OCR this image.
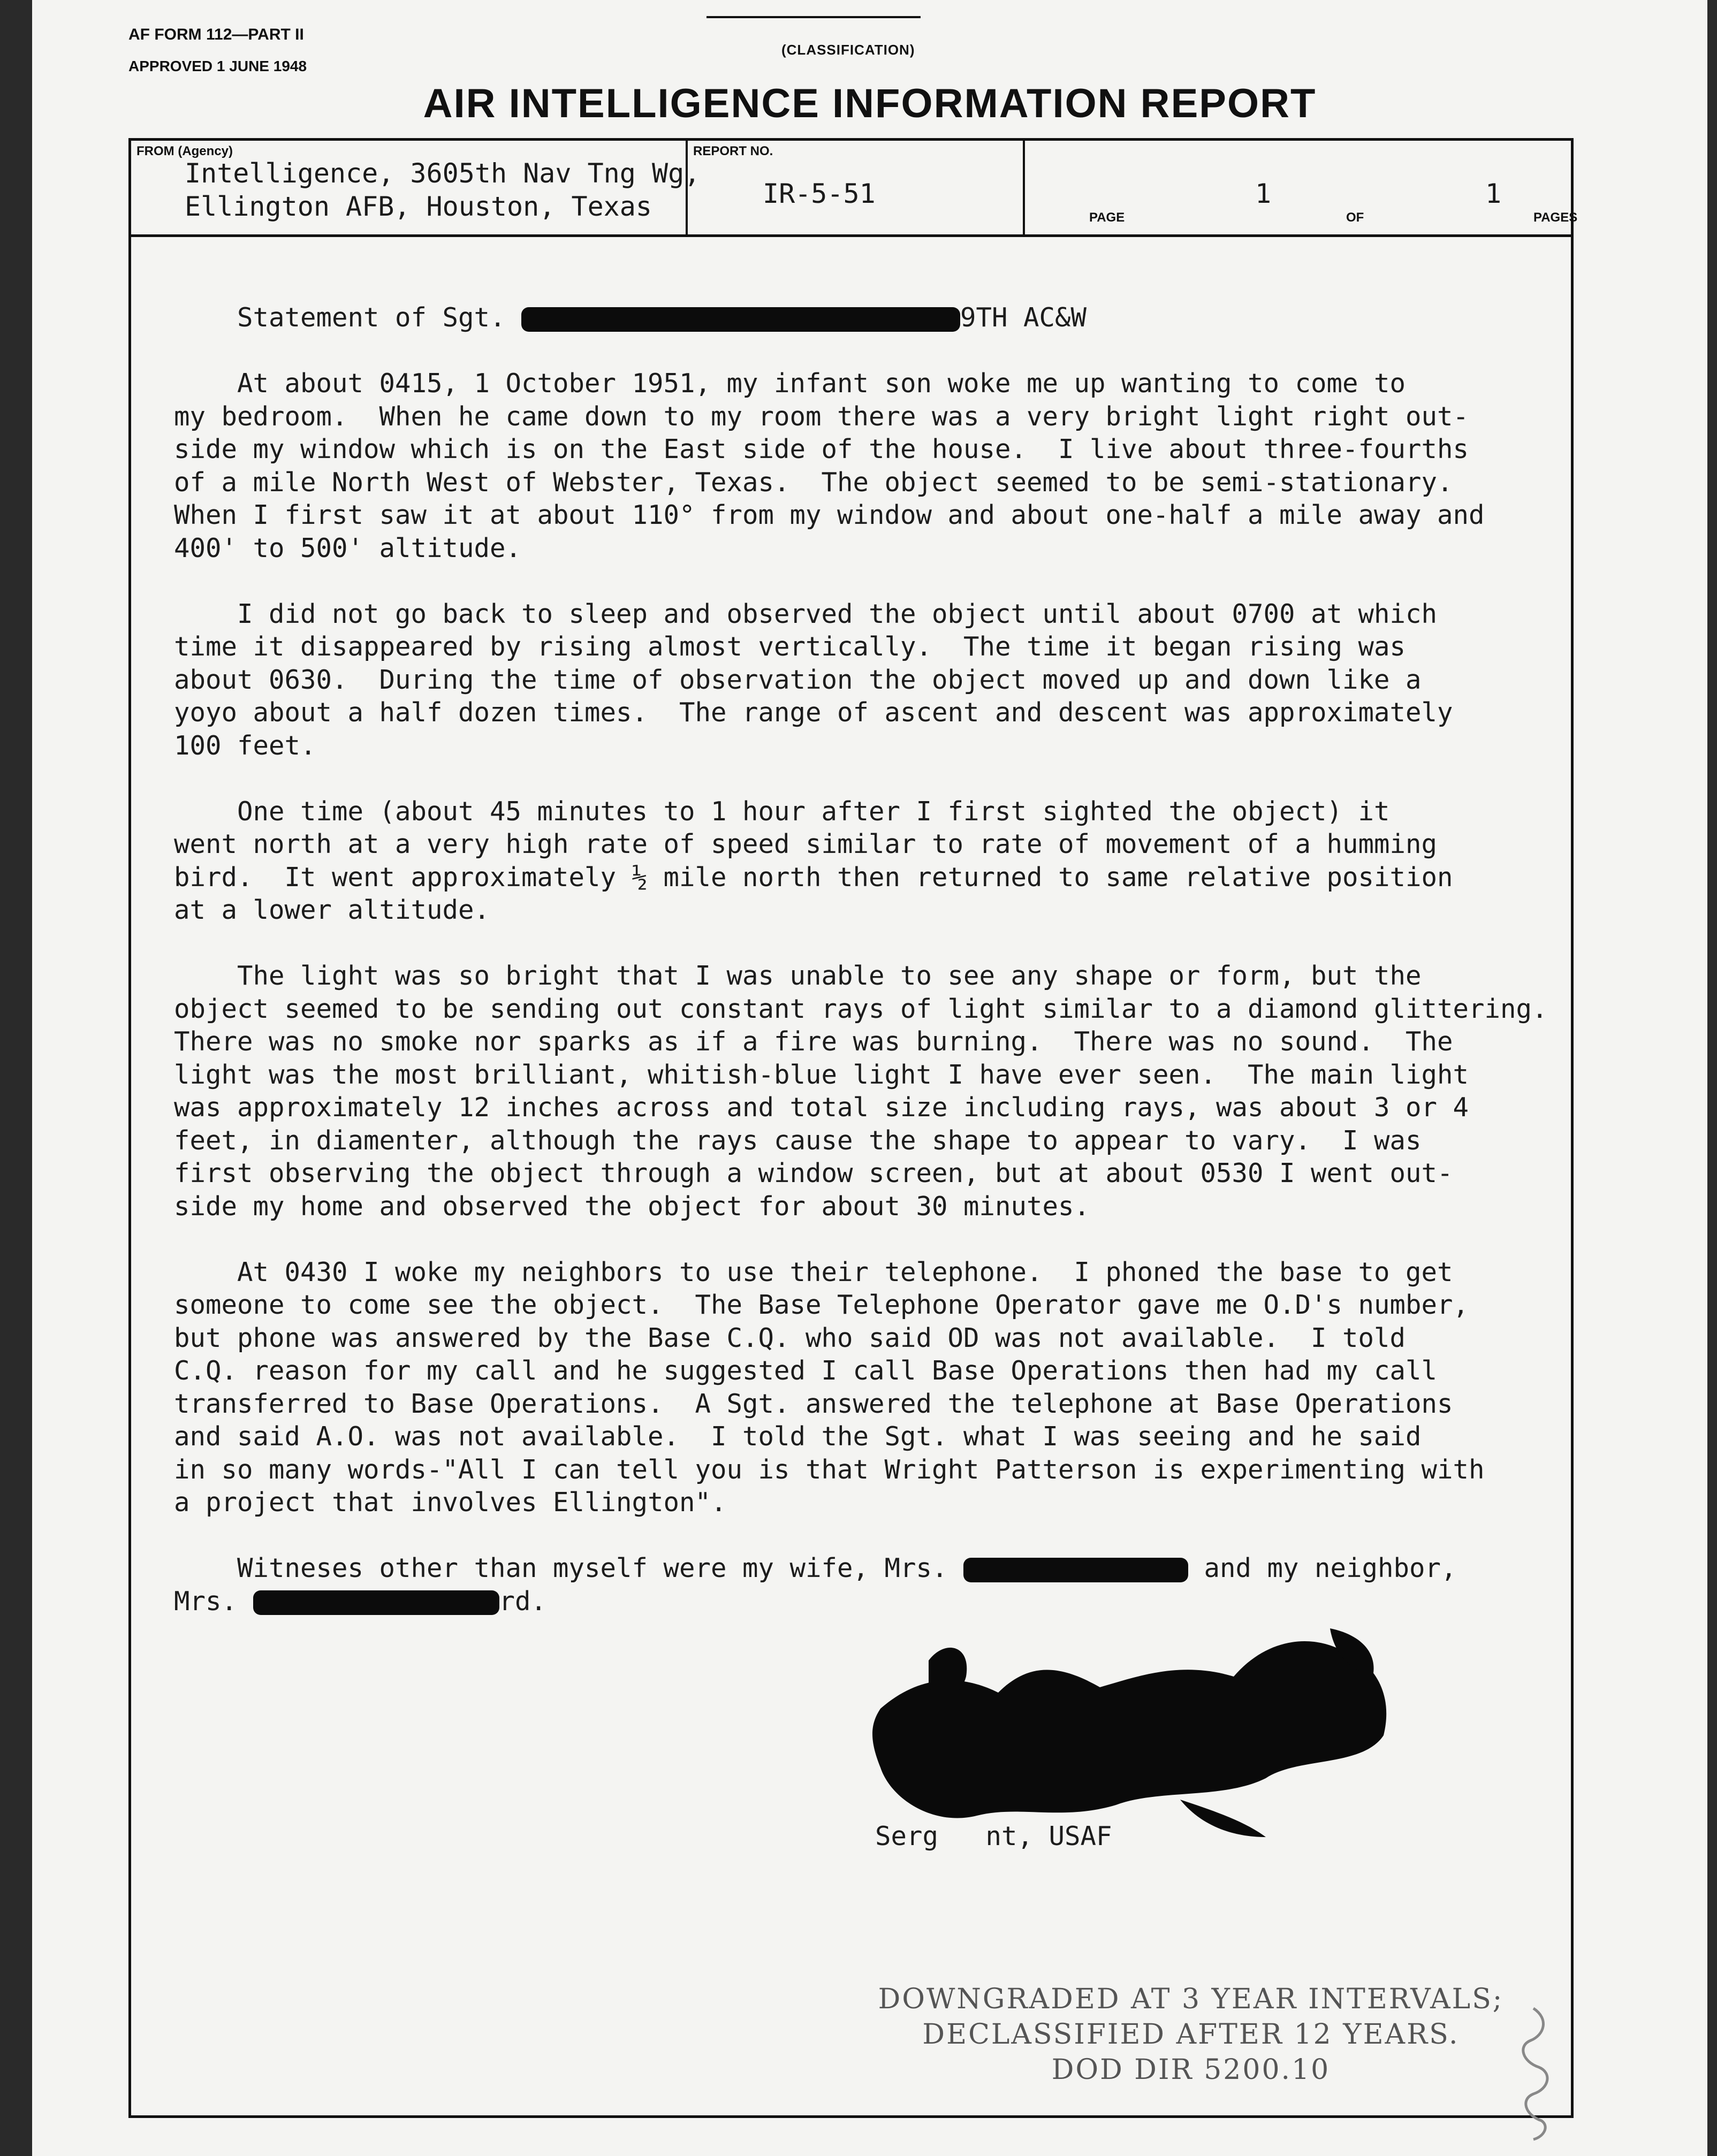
AF FORM 112—PART II
APPROVED 1 JUNE 1948
(CLASSIFICATION)
AIR INTELLIGENCE INFORMATION REPORT
FROM (Agency)
Intelligence, 3605th Nav Tng Wg,
Ellington AFB, Houston, Texas
REPORT NO.
IR-5-51
PAGE
1
OF
1
PAGES
Statement of Sgt.	9TH AC&W
At about 0415, 1 October 1951, my infant son woke me up wanting to come to
my bedroom.  When he came down to my room there was a very bright light right out-
side my window which is on the East side of the house.  I live about three-fourths
of a mile North West of Webster, Texas.  The object seemed to be semi-stationary.
When I first saw it at about 110° from my window and about one-half a mile away and
400' to 500' altitude.
I did not go back to sleep and observed the object until about 0700 at which
time it disappeared by rising almost vertically.  The time it began rising was
about 0630.  During the time of observation the object moved up and down like a
yoyo about a half dozen times.  The range of ascent and descent was approximately
100 feet.
One time (about 45 minutes to 1 hour after I first sighted the object) it
went north at a very high rate of speed similar to rate of movement of a humming
bird.  It went approximately ½ mile north then returned to same relative position
at a lower altitude.
The light was so bright that I was unable to see any shape or form, but the
object seemed to be sending out constant rays of light similar to a diamond glittering.
There was no smoke nor sparks as if a fire was burning.  There was no sound.  The
light was the most brilliant, whitish-blue light I have ever seen.  The main light
was approximately 12 inches across and total size including rays, was about 3 or 4
feet, in diamenter, although the rays cause the shape to appear to vary.  I was
first observing the object through a window screen, but at about 0530 I went out-
side my home and observed the object for about 30 minutes.
At 0430 I woke my neighbors to use their telephone.  I phoned the base to get
someone to come see the object.  The Base Telephone Operator gave me O.D's number,
but phone was answered by the Base C.Q. who said OD was not available.  I told
C.Q. reason for my call and he suggested I call Base Operations then had my call
transferred to Base Operations.  A Sgt. answered the telephone at Base Operations
and said A.O. was not available.  I told the Sgt. what I was seeing and he said
in so many words-"All I can tell you is that Wright Patterson is experimenting with
a project that involves Ellington".
Witneses other than myself were my wife, Mrs.	and my neighbor,
Mrs.	rd.
Serg   nt, USAF
DOWNGRADED AT 3 YEAR INTERVALS;
DECLASSIFIED AFTER 12 YEARS.
DOD DIR 5200.10
